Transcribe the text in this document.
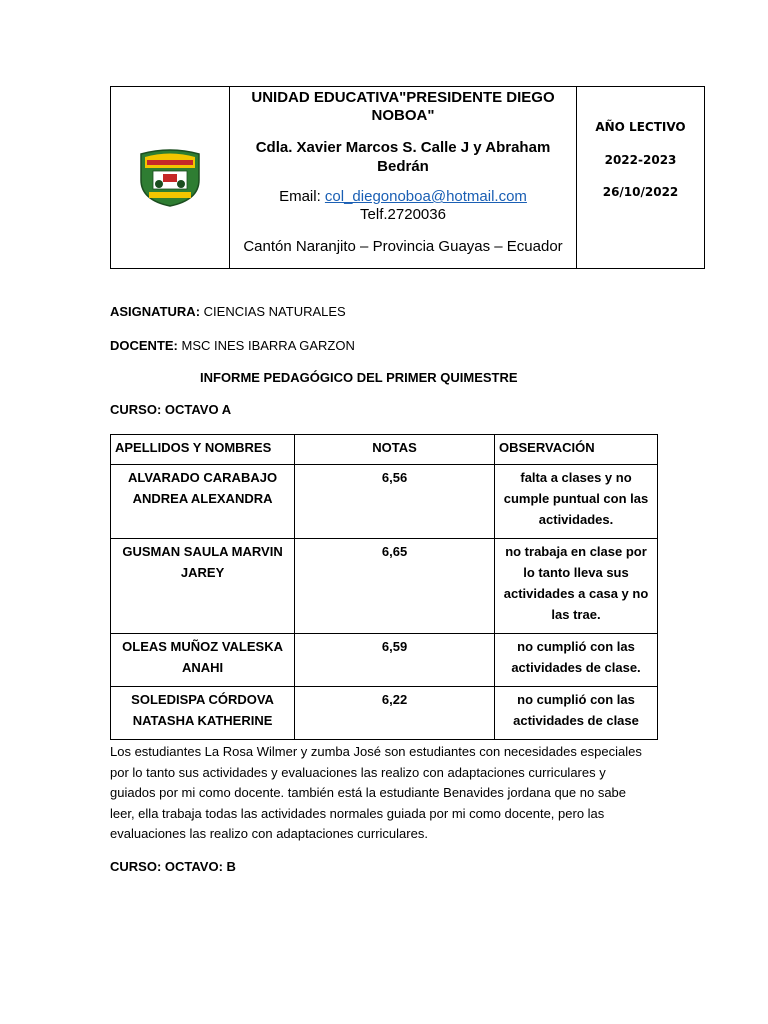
UNIDAD EDUCATIVA"PRESIDENTE DIEGO NOBOA"
Cdla. Xavier Marcos S. Calle J y Abraham Bedrán
Email: col_diegonoboa@hotmail.com
Telf.2720036
Cantón Naranjito – Provincia Guayas – Ecuador
AÑO LECTIVO
2022-2023
26/10/2022
ASIGNATURA: CIENCIAS NATURALES
DOCENTE: MSC INES IBARRA GARZON
INFORME PEDAGÓGICO DEL PRIMER QUIMESTRE
CURSO: OCTAVO A
APELLIDOS Y NOMBRES	NOTAS	OBSERVACIÓN
ALVARADO CARABAJO ANDREA ALEXANDRA	6,56	falta a clases y no cumple puntual con las actividades.
GUSMAN SAULA MARVIN JAREY	6,65	no trabaja en clase por lo tanto lleva sus actividades a casa y no las trae.
OLEAS MUÑOZ VALESKA ANAHI	6,59	no cumplió con las actividades de clase.
SOLEDISPA CÓRDOVA NATASHA KATHERINE	6,22	no cumplió con las actividades de clase
Los estudiantes La Rosa Wilmer y zumba José son estudiantes con necesidades especiales por lo tanto sus actividades y evaluaciones las realizo con adaptaciones curriculares y guiados por mi como docente. también está la estudiante Benavides jordana que no sabe leer, ella trabaja todas las actividades normales guiada por mi como docente, pero las evaluaciones las realizo con adaptaciones curriculares.
CURSO: OCTAVO: B
